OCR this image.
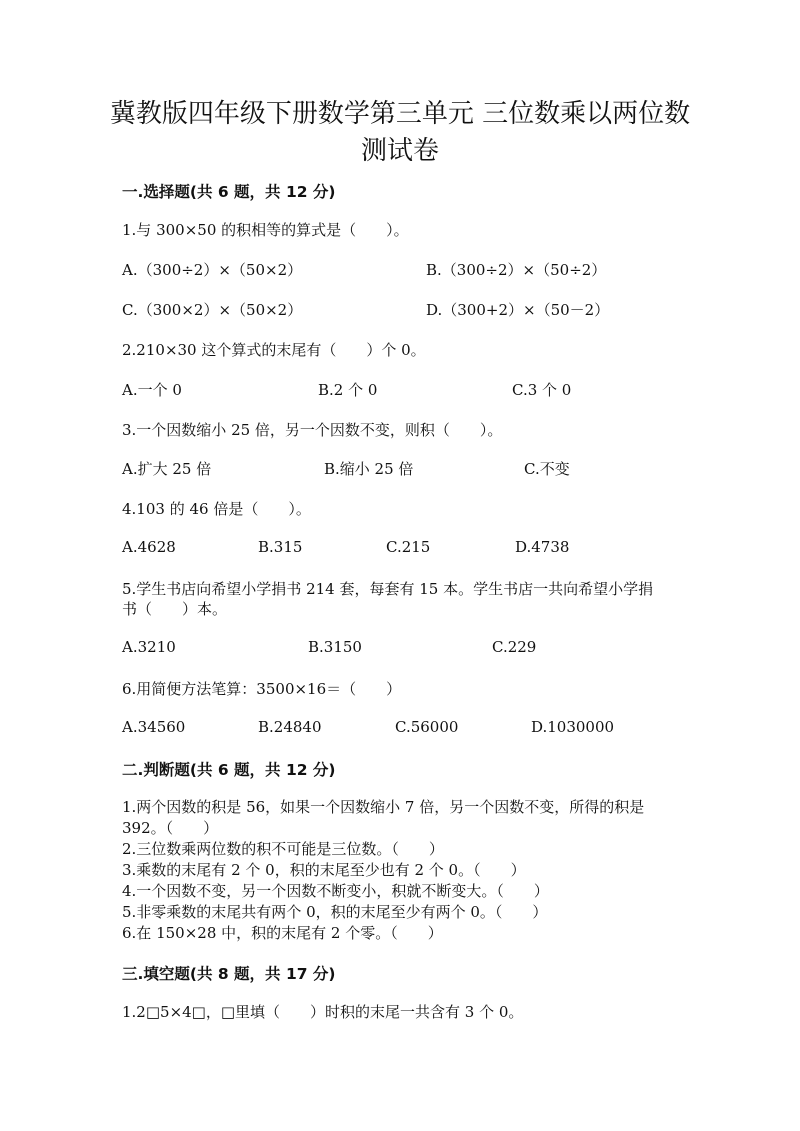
冀教版四年级下册数学第三单元 三位数乘以两位数
测试卷
一.选择题(共 6 题，共 12 分)
1.与 300×50 的积相等的算式是（　　）。
A.（300÷2）×（50×2）	B.（300÷2）×（50÷2）
C.（300×2）×（50×2）	D.（300+2）×（50－2）
2.210×30 这个算式的末尾有（　　）个 0。
A.一个 0	B.2 个 0	C.3 个 0
3.一个因数缩小 25 倍，另一个因数不变，则积（　　）。
A.扩大 25 倍	B.缩小 25 倍	C.不变
4.103 的 46 倍是（　　）。
A.4628	B.315	C.215	D.4738
5.学生书店向希望小学捐书 214 套，每套有 15 本。学生书店一共向希望小学捐
书（　　）本。
A.3210	B.3150	C.229
6.用简便方法笔算：3500×16＝（　　）
A.34560	B.24840	C.56000	D.1030000
二.判断题(共 6 题，共 12 分)
1.两个因数的积是 56，如果一个因数缩小 7 倍，另一个因数不变，所得的积是
392。（　　）
2.三位数乘两位数的积不可能是三位数。（　　）
3.乘数的末尾有 2 个 0，积的末尾至少也有 2 个 0。（　　）
4.一个因数不变，另一个因数不断变小，积就不断变大。（　　）
5.非零乘数的末尾共有两个 0，积的末尾至少有两个 0。（　　）
6.在 150×28 中，积的末尾有 2 个零。（　　）
三.填空题(共 8 题，共 17 分)
1.2□5×4□，□里填（　　）时积的末尾一共含有 3 个 0。
